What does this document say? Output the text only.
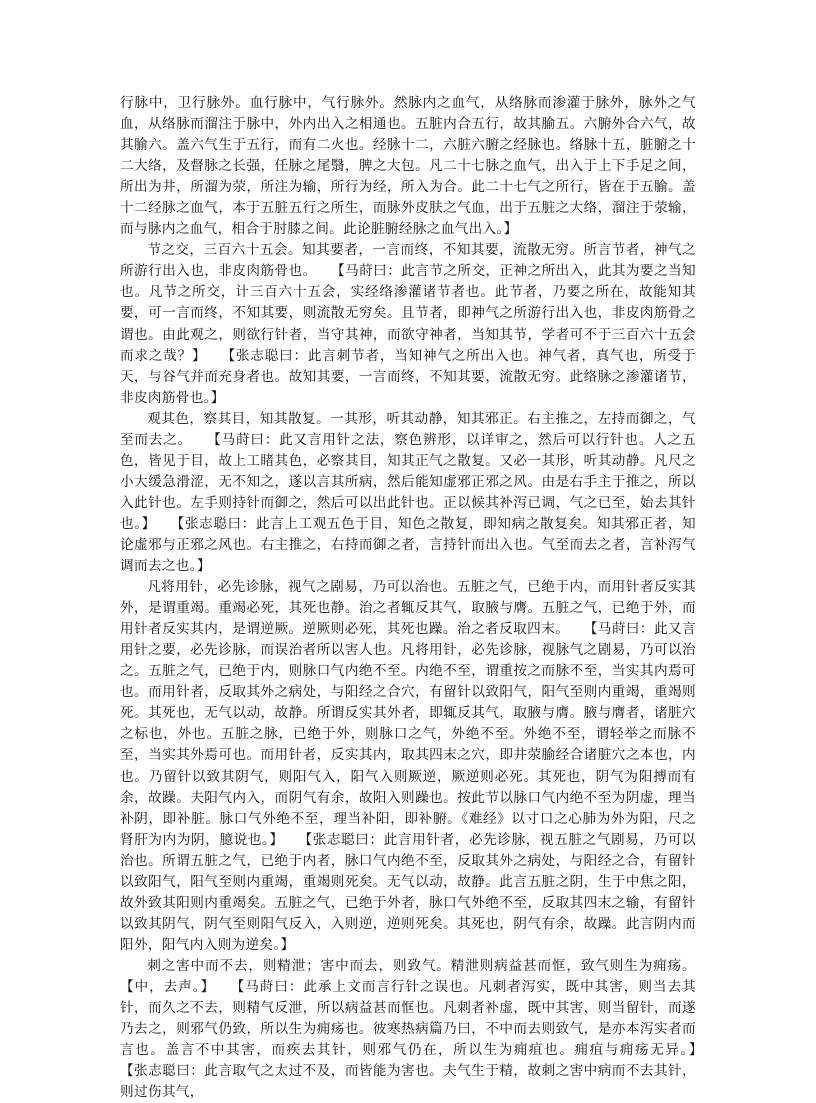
行脉中，卫行脉外。血行脉中，气行脉外。然脉内之血气，从络脉而渗灌于脉外，脉外之气血，从络脉而溜注于脉中，外内出入之相通也。五脏内合五行，故其腧五。六腑外合六气，故其腧六。盖六气生于五行，而有二火也。经脉十二，六脏六腑之经脉也。络脉十五，脏腑之十二大络，及督脉之长强，任脉之尾翳，脾之大包。凡二十七脉之血气，出入于上下手足之间，所出为井，所溜为荥，所注为输，所行为经，所入为合。此二十七气之所行，皆在于五腧。盖十二经脉之血气，本于五脏五行之所生，而脉外皮肤之气血，出于五脏之大络，溜注于荥输，而与脉内之血气，相合于肘膝之间。此论脏腑经脉之血气出入。】

节之交，三百六十五会。知其要者，一言而终，不知其要，流散无穷。所言节者，神气之所游行出入也，非皮肉筋骨也。　　【马莳曰：此言节之所交，正神之所出入，此其为要之当知也。凡节之所交，计三百六十五会，实经络渗灌诸节者也。此节者，乃要之所在，故能知其要，可一言而终，不知其要，则流散无穷矣。且节者，即神气之所游行出入也，非皮肉筋骨之谓也。由此观之，则欲行针者，当守其神，而欲守神者，当知其节，学者可不于三百六十五会而求之哉？】　　【张志聪曰：此言刺节者，当知神气之所出入也。神气者，真气也，所受于天，与谷气并而充身者也。故知其要，一言而终，不知其要，流散无穷。此络脉之渗灌诸节，非皮肉筋骨也。】

观其色，察其目，知其散复。一其形，听其动静，知其邪正。右主推之，左持而御之，气至而去之。　　【马莳曰：此又言用针之法，察色辨形，以详审之，然后可以行针也。人之五色，皆见于目，故上工睹其色，必察其目，知其正气之散复。又必一其形，听其动静。凡尺之小大缓急滑涩，无不知之，遂以言其所病，然后能知虚邪正邪之风。由是右手主于推之，所以入此针也。左手则持针而御之，然后可以出此针也。正以候其补泻已调，气之已至，始去其针也。】　　【张志聪曰：此言上工观五色于目，知色之散复，即知病之散复矣。知其邪正者，知论虚邪与正邪之风也。右主推之，右持而御之者，言持针而出入也。气至而去之者，言补泻气调而去之也。】

凡将用针，必先诊脉，视气之剧易，乃可以治也。五脏之气，已绝于内，而用针者反实其外，是谓重竭。重竭必死，其死也静。治之者辄反其气，取腋与膺。五脏之气，已绝于外，而用针者反实其内，是谓逆厥。逆厥则必死，其死也躁。治之者反取四末。　　【马莳曰：此又言用针之要，必先诊脉，而误治者所以害人也。凡将用针，必先诊脉，视脉气之剧易，乃可以治之。五脏之气，已绝于内，则脉口气内绝不至。内绝不至，谓重按之而脉不至，当实其内焉可也。而用针者，反取其外之病处，与阳经之合穴，有留针以致阳气，阳气至则内重竭，重竭则死。其死也，无气以动，故静。所谓反实其外者，即辄反其气，取腋与膺。腋与膺者，诸脏穴之标也，外也。五脏之脉，已绝于外，则脉口之气，外绝不至。外绝不至，谓轻举之而脉不至，当实其外焉可也。而用针者，反实其内，取其四末之穴，即井荥腧经合诸脏穴之本也，内也。乃留针以致其阴气，则阳气入，阳气入则厥逆，厥逆则必死。其死也，阴气为阳搏而有余，故躁。夫阳气内入，而阴气有余，故阳入则躁也。按此节以脉口气内绝不至为阴虚，理当补阴，即补脏。脉口气外绝不至，理当补阳，即补腑。《难经》以寸口之心肺为外为阳，尺之肾肝为内为阴，臆说也。】　　【张志聪曰：此言用针者，必先诊脉，视五脏之气剧易，乃可以治也。所谓五脏之气，已绝于内者，脉口气内绝不至，反取其外之病处，与阳经之合，有留针以致阳气，阳气至则内重竭，重竭则死矣。无气以动，故静。此言五脏之阴，生于中焦之阳，故外致其阳则内重竭矣。五脏之气，已绝于外者，脉口气外绝不至，反取其四末之输，有留针以致其阴气，阴气至则阳气反入，入则逆，逆则死矣。其死也，阴气有余，故躁。此言阴内而阳外，阳气内入则为逆矣。】

刺之害中而不去，则精泄；害中而去，则致气。精泄则病益甚而恇，致气则生为痈疡。【中，去声。】　　【马莳曰：此承上文而言行针之误也。凡刺者泻实，既中其害，则当去其针，而久之不去，则精气反泄，所以病益甚而恇也。凡刺者补虚，既中其害，则当留针，而遂乃去之，则邪气仍致，所以生为痈疡也。彼寒热病篇乃曰，不中而去则致气，是亦本泻实者而言也。盖言不中其害，而疾去其针，则邪气仍在，所以生为痈疽也。痈疽与痈疡无异。】　　【张志聪曰：此言取气之太过不及，而皆能为害也。夫气生于精，故刺之害中病而不去其针，则过伤其气，
